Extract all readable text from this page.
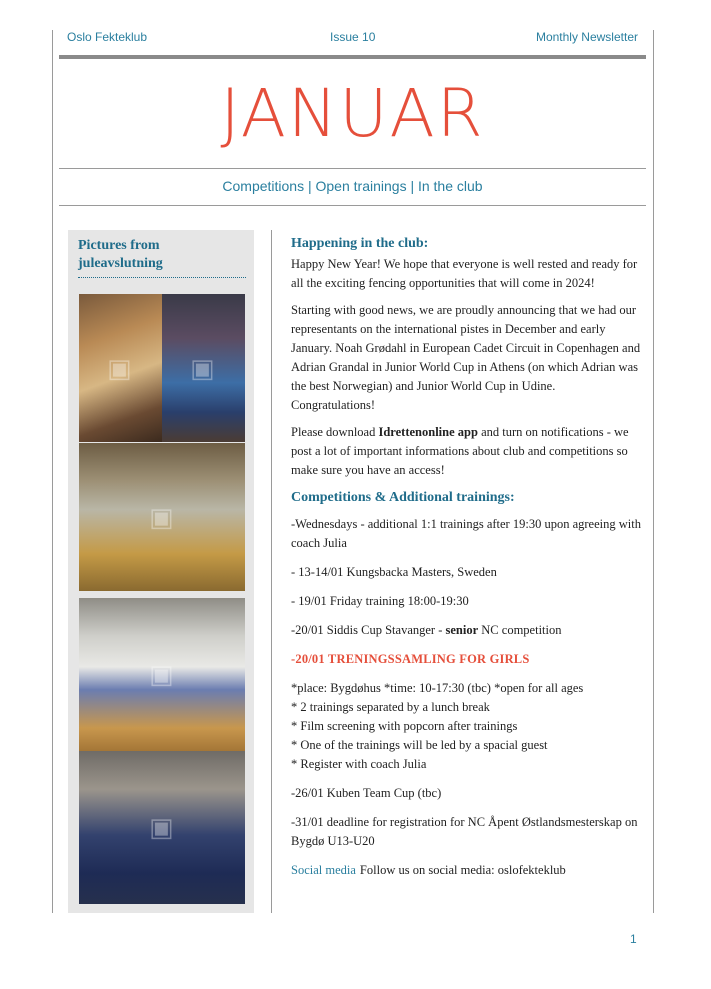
Oslo Fekteklub	Issue 10	Monthly Newsletter
JANUAR
Competitions | Open trainings | In the club
Pictures from juleavslutning
▣ ▣
▣
▣
▣
Happening in the club:

Happy New Year! We hope that everyone is well rested and ready for all the exciting fencing opportunities that will come in 2024!

Starting with good news, we are proudly announcing that we had our representants on the international pistes in December and early January. Noah Grødahl in European Cadet Circuit in Copenhagen and Adrian Grandal in Junior World Cup in Athens (on which Adrian was the best Norwegian) and Junior World Cup in Udine. Congratulations!

Please download Idrettenonline app and turn on notifications - we post a lot of important informations about club and competitions so make sure you have an access!

Competitions & Additional trainings:
-Wednesdays - additional 1:1 trainings after 19:30 upon agreeing with coach Julia
- 13-14/01 Kungsbacka Masters, Sweden
- 19/01 Friday training 18:00-19:30
-20/01 Siddis Cup Stavanger - senior NC competition
-20/01 TRENINGSSAMLING FOR GIRLS
*place: Bygdøhus *time: 10-17:30 (tbc) *open for all ages
* 2 trainings separated by a lunch break
* Film screening with popcorn after trainings
* One of the trainings will be led by a spacial guest
* Register with coach Julia
-26/01 Kuben Team Cup (tbc)
-31/01 deadline for registration for NC Åpent Østlandsmesterskap on Bygdø U13-U20
Social media Follow us on social media: oslofekteklub
1
